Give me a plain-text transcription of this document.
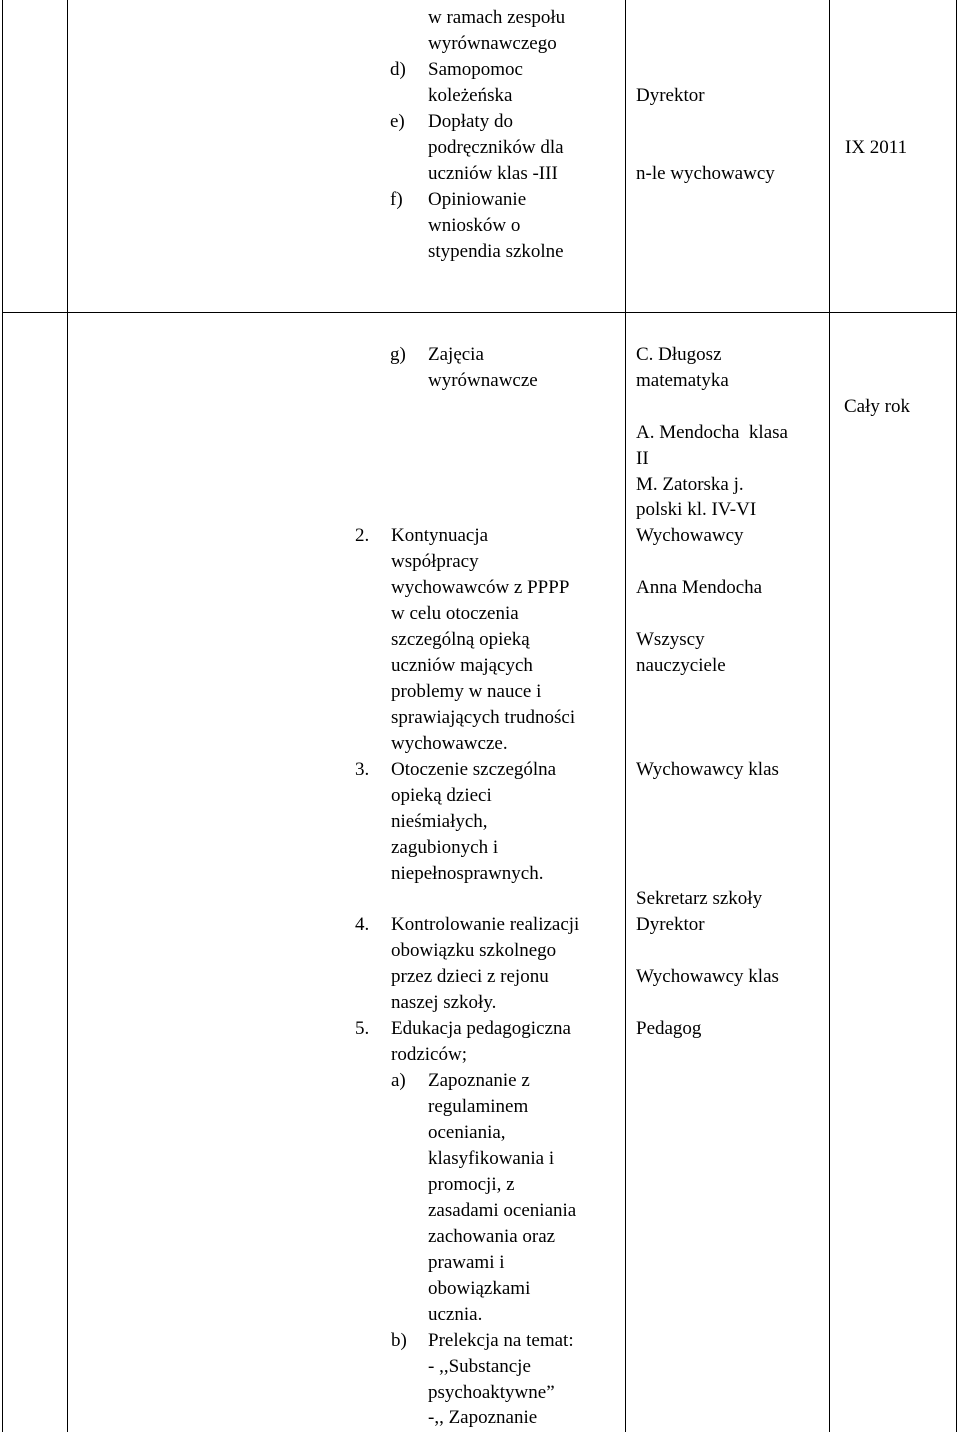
w ramach zespołu
wyrównawczego
d) Samopomoc
koleżeńska
e) Dopłaty do
podręczników dla
uczniów klas -III
f) Opiniowanie
wniosków o
stypendia szkolne
Dyrektor
n-le wychowawcy
IX 2011
g) Zajęcia
wyrównawcze
2. Kontynuacja
współpracy
wychowawców z PPPP
w celu otoczenia
szczególną opieką
uczniów mających
problemy w nauce i
sprawiających trudności
wychowawcze.
3. Otoczenie szczególna
opieką dzieci
nieśmiałych,
zagubionych i
niepełnosprawnych.
4. Kontrolowanie realizacji
obowiązku szkolnego
przez dzieci z rejonu
naszej szkoły.
5. Edukacja pedagogiczna
rodziców;
a) Zapoznanie z
regulaminem
oceniania,
klasyfikowania i
promocji, z
zasadami oceniania
zachowania oraz
prawami i
obowiązkami
ucznia.
b) Prelekcja na temat:
- ,,Substancje
psychoaktywne”
-,, Zapoznanie
C. Długosz
matematyka
A. Mendocha  klasa
II
M. Zatorska j.
polski kl. IV-VI
Wychowawcy
Anna Mendocha
Wszyscy
nauczyciele
Wychowawcy klas
Sekretarz szkoły
Dyrektor
Wychowawcy klas
Pedagog
Cały rok
